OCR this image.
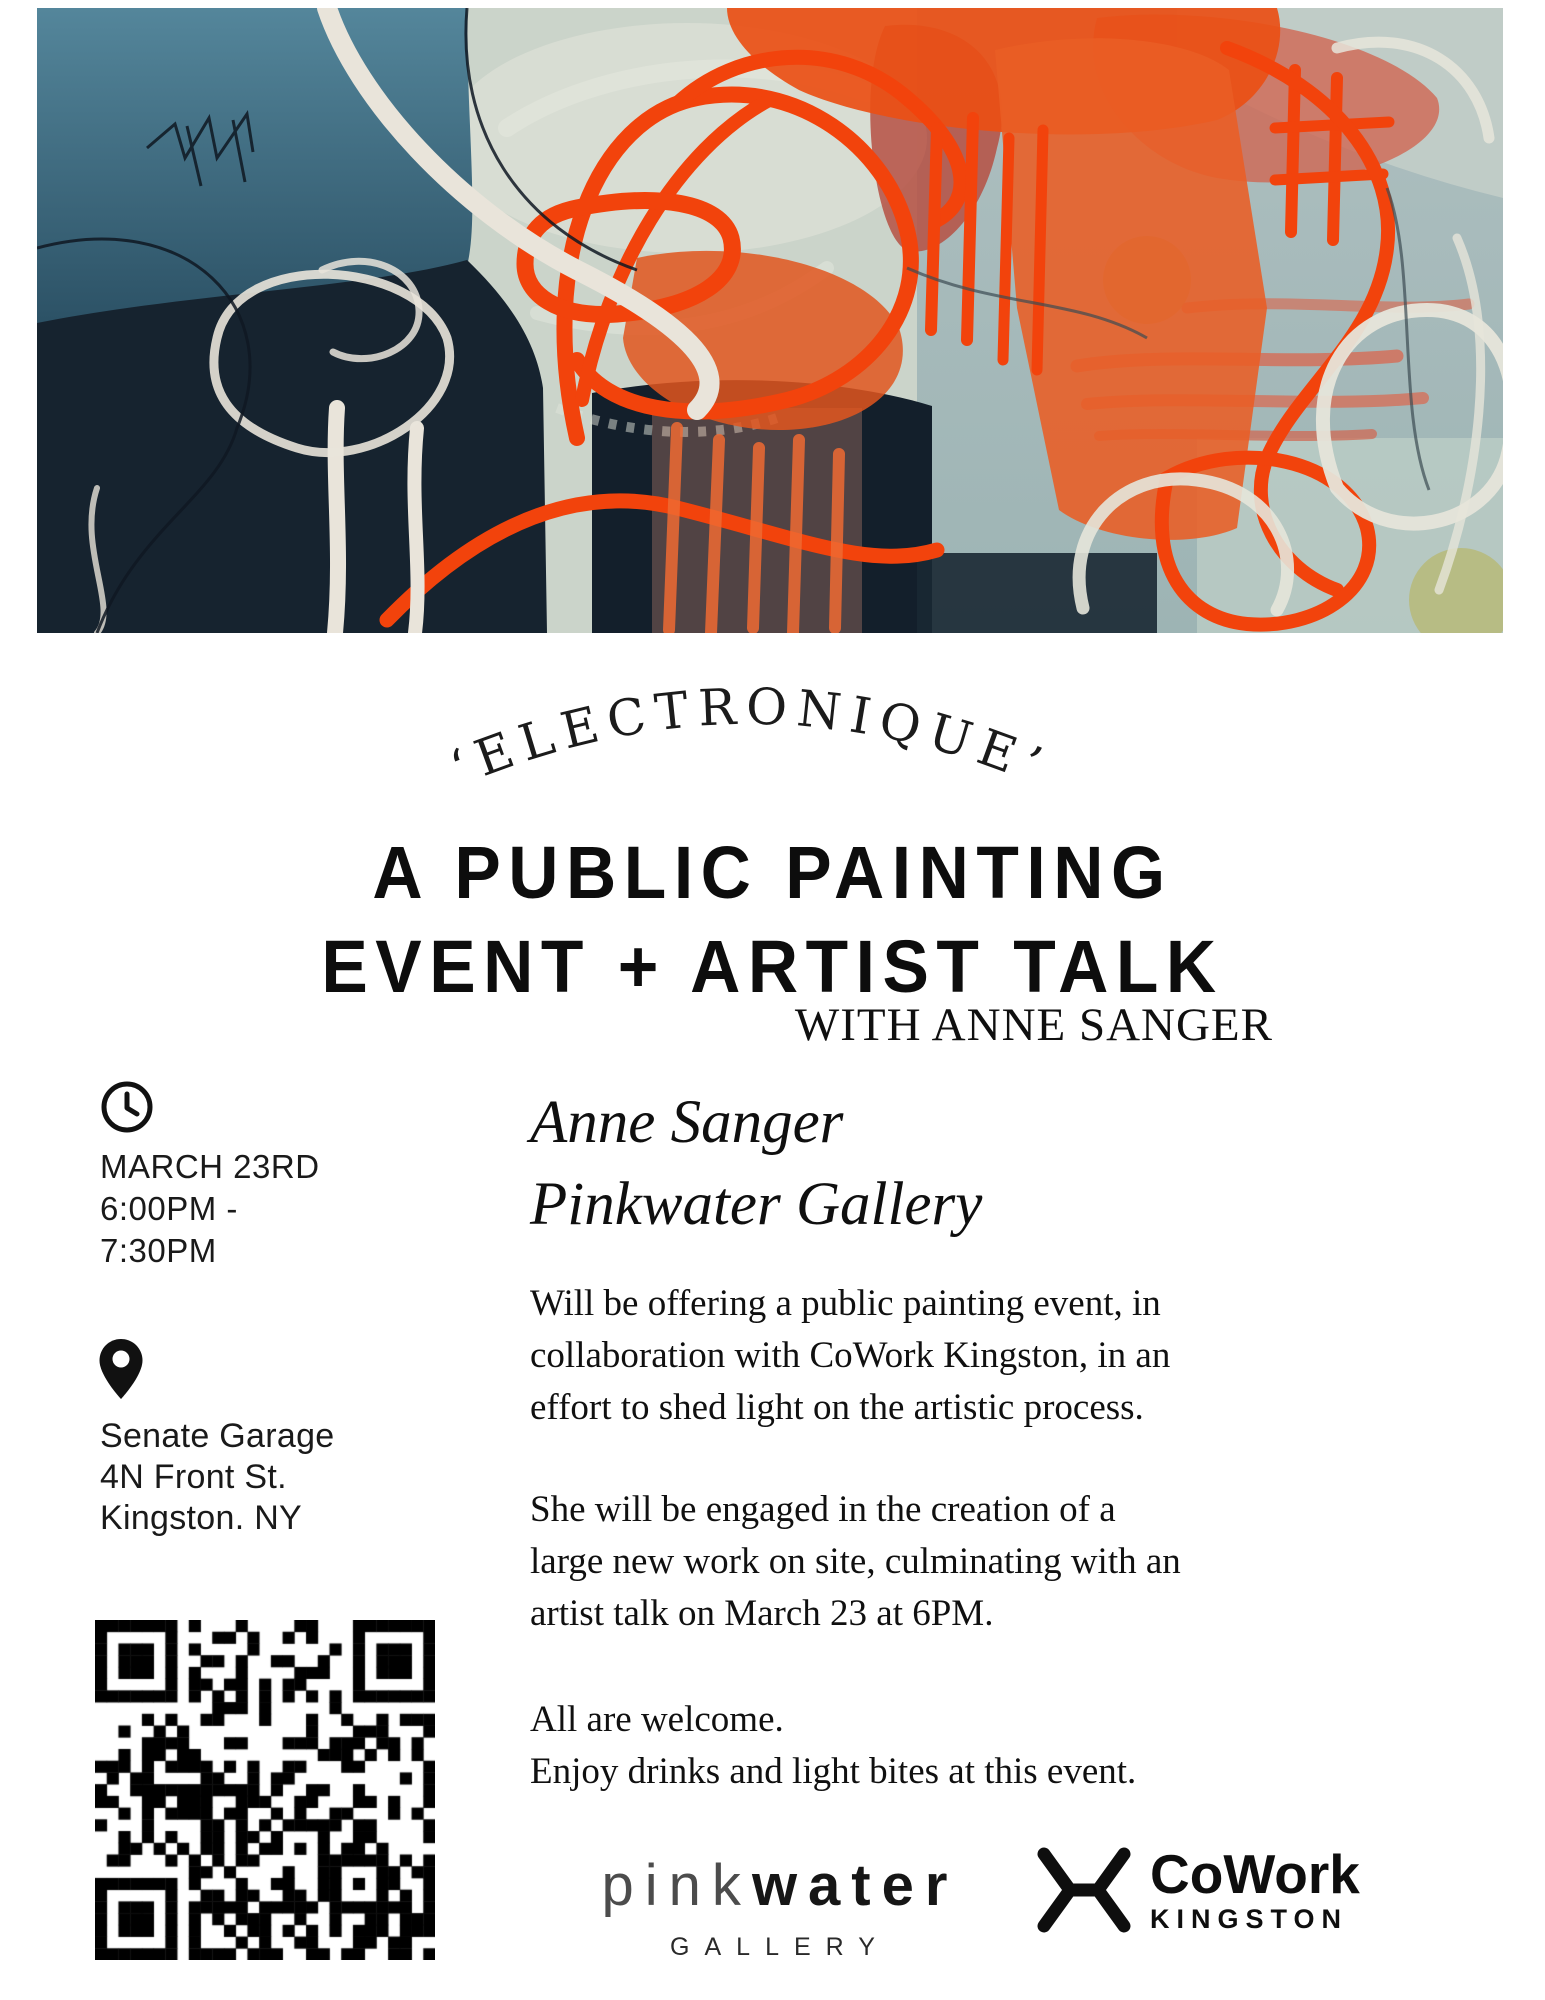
‘ELECTRONIQUE’
A PUBLIC PAINTING
EVENT + ARTIST TALK
WITH ANNE SANGER
MARCH 23RD
6:00PM -
7:30PM
Senate Garage
4N Front St.
Kingston. NY
Anne Sanger
Pinkwater Gallery
Will be offering a public painting event, in
collaboration with CoWork Kingston, in an
effort to shed light on the artistic process.
She will be engaged in the creation of a
large new work on site, culminating with an
artist talk on March 23 at 6PM.
All are welcome.
Enjoy drinks and light bites at this event.
pinkwater
GALLERY
CoWork
KINGSTON
